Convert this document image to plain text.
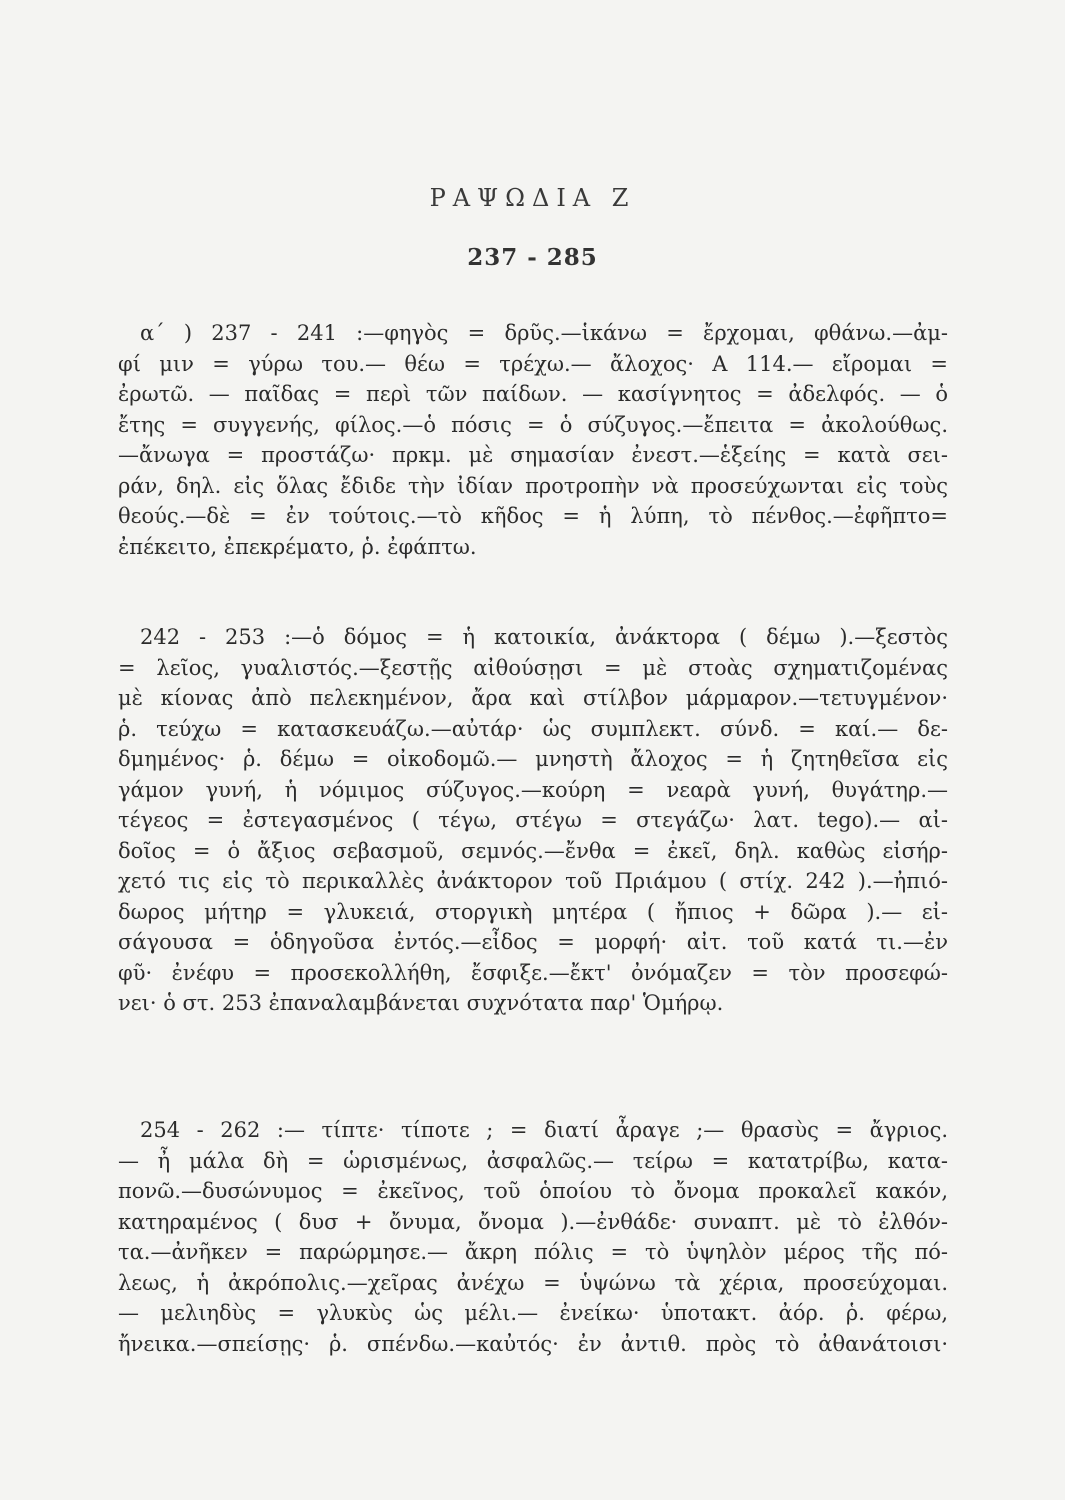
ΡΑΨΩΔΙΑ Ζ
237 - 285
α΄ ) 237 - 241 :—φηγὸς = δρῦς.—ἱκάνω = ἔρχομαι, φθάνω.—ἀμ-
φί μιν = γύρω του.— θέω = τρέχω.— ἄλοχος· Α 114.— εἴρομαι =
ἐρωτῶ. — παῖδας = περὶ τῶν παίδων. — κασίγνητος = ἀδελφός. — ὁ
ἔτης = συγγενής, φίλος.—ὁ πόσις = ὁ σύζυγος.—ἔπειτα = ἀκολούθως.
—ἄνωγα = προστάζω· πρκμ. μὲ σημασίαν ἐνεστ.—ἑξείης = κατὰ σει-
ράν, δηλ. εἰς ὅλας ἔδιδε τὴν ἰδίαν προτροπὴν νὰ προσεύχωνται εἰς τοὺς
θεούς.—δὲ = ἐν τούτοις.—τὸ κῆδος = ἡ λύπη, τὸ πένθος.—ἐφῆπτο=
ἐπέκειτο, ἐπεκρέματο, ῥ. ἐφάπτω.
242 - 253 :—ὁ δόμος = ἡ κατοικία, ἀνάκτορα ( δέμω ).—ξεστὸς
= λεῖος, γυαλιστός.—ξεστῇς αἰθούσῃσι = μὲ στοὰς σχηματιζομένας
μὲ κίονας ἀπὸ πελεκημένον, ἄρα καὶ στίλβον μάρμαρον.—τετυγμένον·
ῥ. τεύχω = κατασκευάζω.—αὐτάρ· ὡς συμπλεκτ. σύνδ. = καί.— δε-
δμημένος· ῥ. δέμω = οἰκοδομῶ.— μνηστὴ ἄλοχος = ἡ ζητηθεῖσα εἰς
γάμον γυνή, ἡ νόμιμος σύζυγος.—κούρη = νεαρὰ γυνή, θυγάτηρ.—
τέγεος = ἐστεγασμένος ( τέγω, στέγω = στεγάζω· λατ. tego).— αἰ-
δοῖος = ὁ ἄξιος σεβασμοῦ, σεμνός.—ἔνθα = ἐκεῖ, δηλ. καθὼς εἰσήρ-
χετό τις εἰς τὸ περικαλλὲς ἀνάκτορον τοῦ Πριάμου ( στίχ. 242 ).—ἠπιό-
δωρος μήτηρ = γλυκειά, στοργικὴ μητέρα ( ἤπιος + δῶρα ).— εἰ-
σάγουσα = ὁδηγοῦσα ἐντός.—εἶδος = μορφή· αἰτ. τοῦ κατά τι.—ἐν
φῦ· ἐνέφυ = προσεκολλήθη, ἔσφιξε.—ἔκτ' ὀνόμαζεν = τὸν προσεφώ-
νει· ὁ στ. 253 ἐπαναλαμβάνεται συχνότατα παρ' Ὁμήρῳ.
254 - 262 :— τίπτε· τίποτε ; = διατί ἆραγε ;— θρασὺς = ἄγριος.
— ἦ μάλα δὴ = ὡρισμένως, ἀσφαλῶς.— τείρω = κατατρίβω, κατα-
πονῶ.—δυσώνυμος = ἐκεῖνος, τοῦ ὁποίου τὸ ὄνομα προκαλεῖ κακόν,
κατηραμένος ( δυσ + ὄνυμα, ὄνομα ).—ἐνθάδε· συναπτ. μὲ τὸ ἐλθόν-
τα.—ἀνῆκεν = παρώρμησε.— ἄκρη πόλις = τὸ ὑψηλὸν μέρος τῆς πό-
λεως, ἡ ἀκρόπολις.—χεῖρας ἀνέχω = ὑψώνω τὰ χέρια, προσεύχομαι.
— μελιηδὺς = γλυκὺς ὡς μέλι.— ἐνείκω· ὑποτακτ. ἀόρ. ῥ. φέρω,
ἤνεικα.—σπείσῃς· ῥ. σπένδω.—καὐτός· ἐν ἀντιθ. πρὸς τὸ ἀθανάτοισι·
